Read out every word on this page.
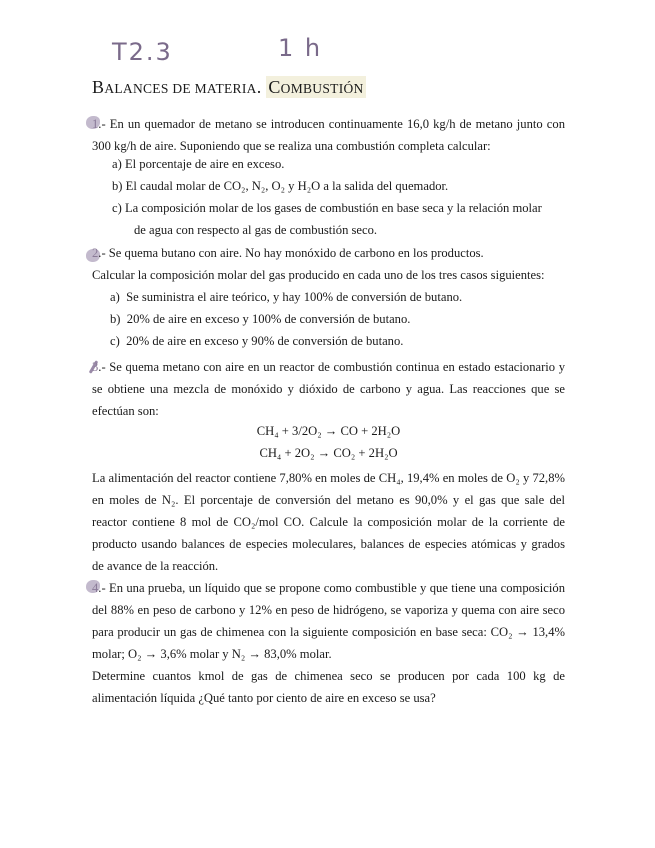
T2.3	1 h
BALANCES DE MATERIA. COMBUSTIÓN
1.- En un quemador de metano se introducen continuamente 16,0 kg/h de metano junto con 300 kg/h de aire. Suponiendo que se realiza una combustión completa calcular:
a) El porcentaje de aire en exceso.
b) El caudal molar de CO₂, N₂, O₂ y H₂O a la salida del quemador.
c) La composición molar de los gases de combustión en base seca y la relación molar
de agua con respecto al gas de combustión seco.
2.- Se quema butano con aire. No hay monóxido de carbono en los productos.
Calcular la composición molar del gas producido en cada uno de los tres casos siguientes:
a) Se suministra el aire teórico, y hay 100% de conversión de butano.
b) 20% de aire en exceso y 100% de conversión de butano.
c) 20% de aire en exceso y 90% de conversión de butano.
3.- Se quema metano con aire en un reactor de combustión continua en estado estacionario y se obtiene una mezcla de monóxido y dióxido de carbono y agua. Las reacciones que se efectúan son:
CH₄ + 3/2O₂ → CO + 2H₂O
CH₄ + 2O₂ → CO₂ + 2H₂O
La alimentación del reactor contiene 7,80% en moles de CH₄, 19,4% en moles de O₂ y 72,8% en moles de N₂. El porcentaje de conversión del metano es 90,0% y el gas que sale del reactor contiene 8 mol de CO₂/mol CO. Calcule la composición molar de la corriente de producto usando balances de especies moleculares, balances de especies atómicas y grados de avance de la reacción.
4.- En una prueba, un líquido que se propone como combustible y que tiene una composición del 88% en peso de carbono y 12% en peso de hidrógeno, se vaporiza y quema con aire seco para producir un gas de chimenea con la siguiente composición en base seca: CO₂ → 13,4% molar; O₂ → 3,6% molar y N₂ → 83,0% molar.
Determine cuantos kmol de gas de chimenea seco se producen por cada 100 kg de alimentación líquida ¿Qué tanto por ciento de aire en exceso se usa?
